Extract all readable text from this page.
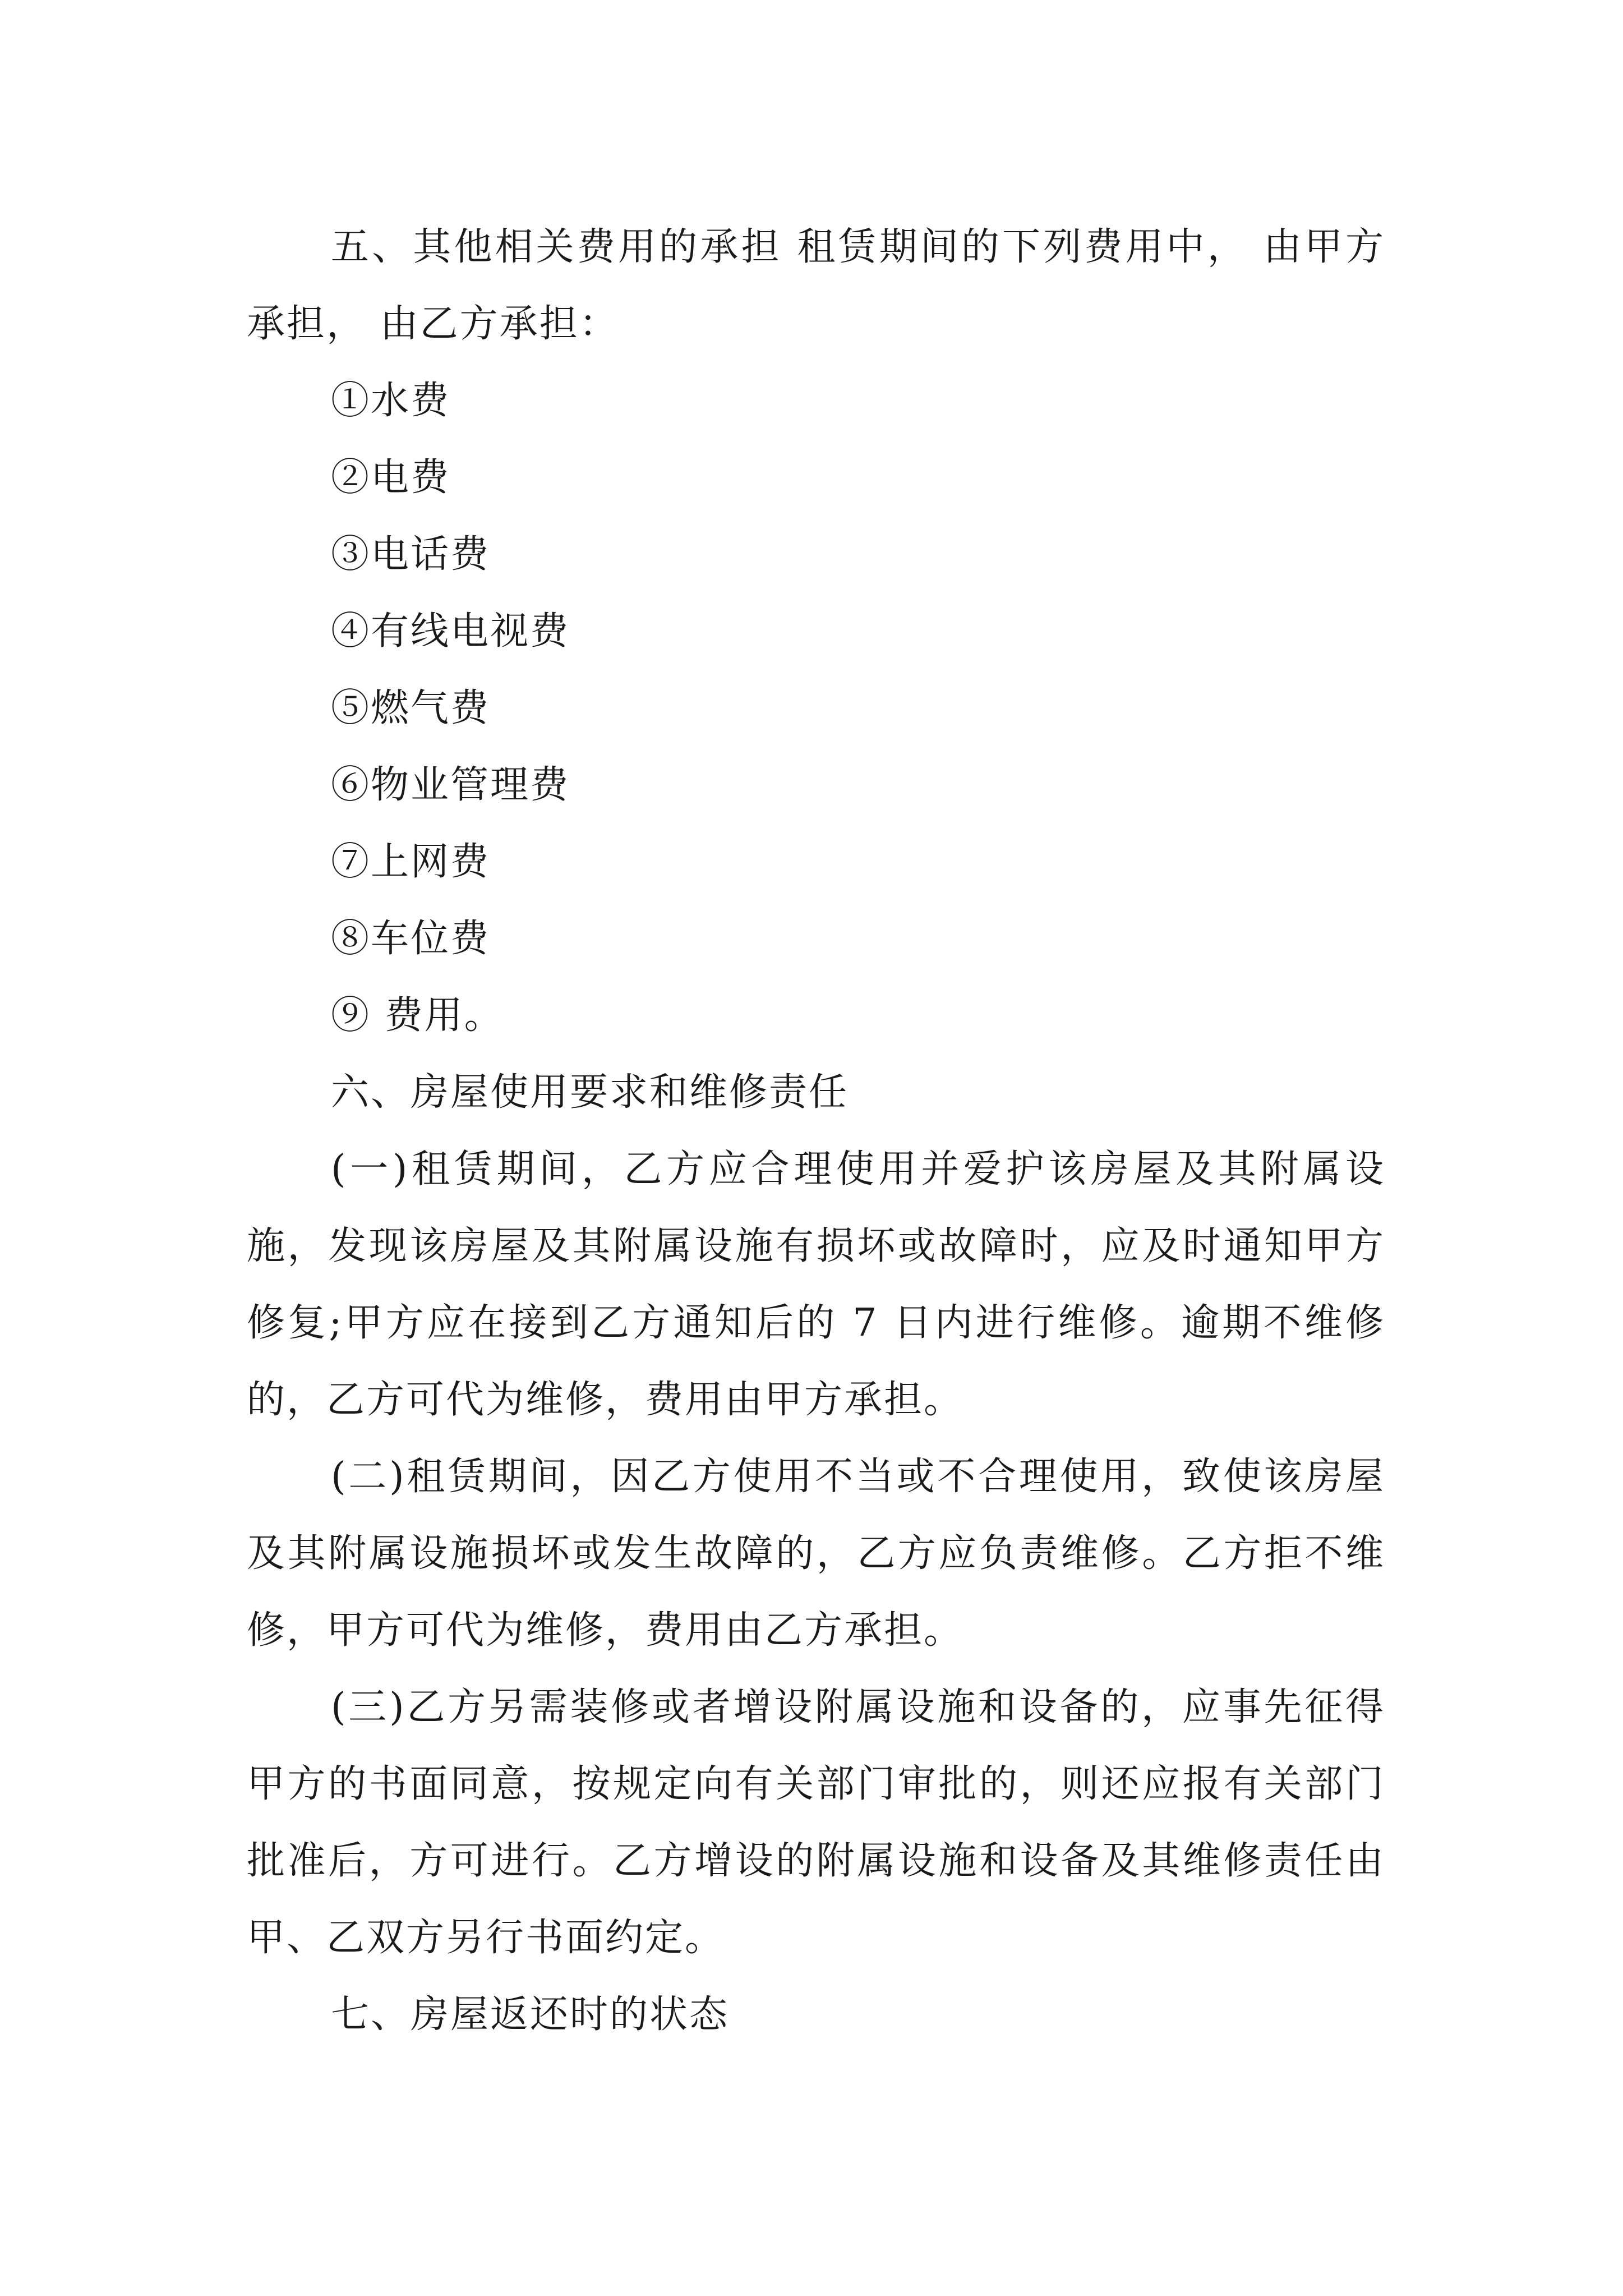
五、其他相关费用的承担 租赁期间的下列费用中， 由甲方承担， 由乙方承担：

①水费

②电费

③电话费

④有线电视费

⑤燃气费

⑥物业管理费

⑦上网费

⑧车位费

⑨ 费用。

六、房屋使用要求和维修责任

(一)租赁期间，乙方应合理使用并爱护该房屋及其附属设施，发现该房屋及其附属设施有损坏或故障时，应及时通知甲方修复;甲方应在接到乙方通知后的 7 日内进行维修。逾期不维修的，乙方可代为维修，费用由甲方承担。

(二)租赁期间，因乙方使用不当或不合理使用，致使该房屋及其附属设施损坏或发生故障的，乙方应负责维修。乙方拒不维修，甲方可代为维修，费用由乙方承担。

(三)乙方另需装修或者增设附属设施和设备的，应事先征得甲方的书面同意，按规定向有关部门审批的，则还应报有关部门批准后，方可进行。乙方增设的附属设施和设备及其维修责任由甲、乙双方另行书面约定。

七、房屋返还时的状态
